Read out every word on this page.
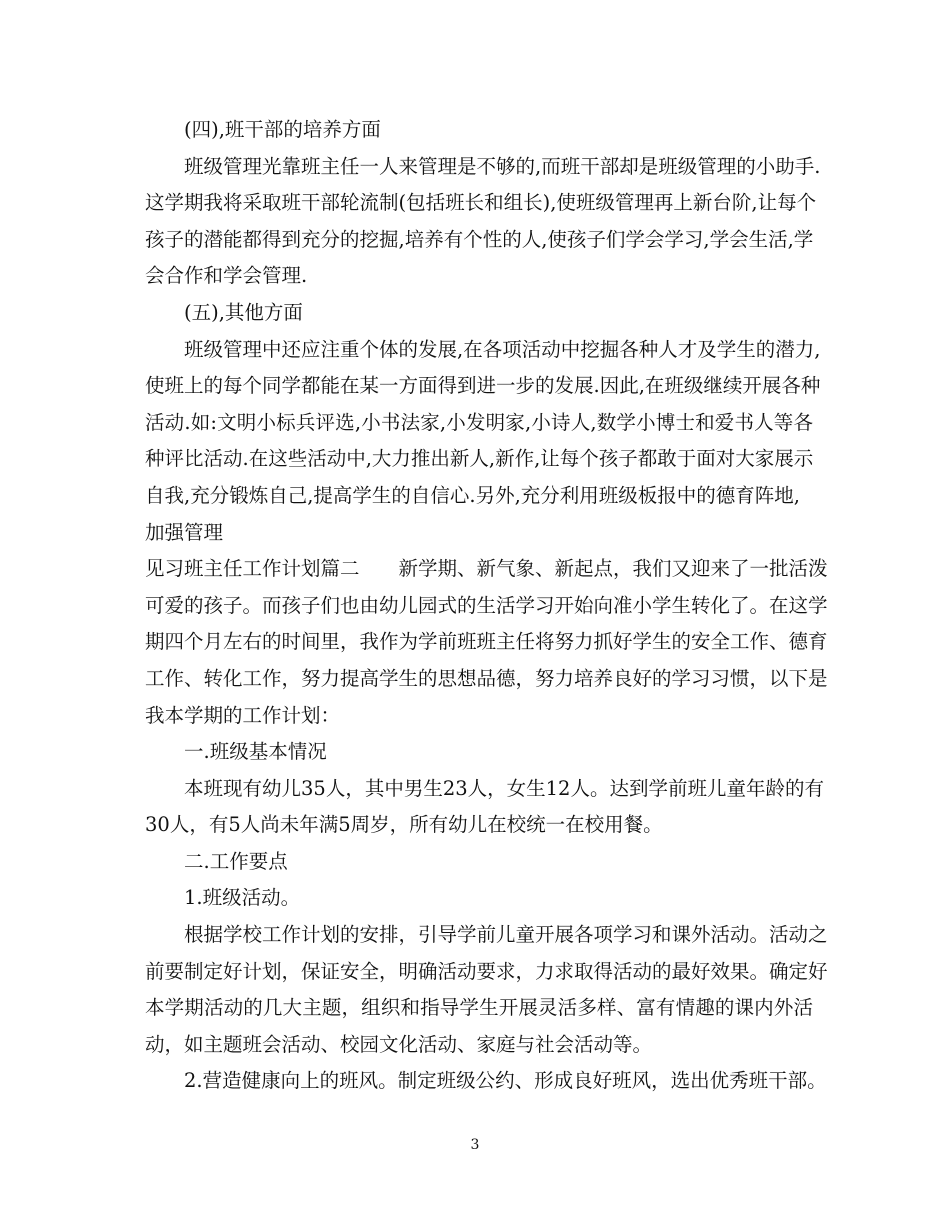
(四),班干部的培养方面
班级管理光靠班主任一人来管理是不够的,而班干部却是班级管理的小助手.
这学期我将采取班干部轮流制(包括班长和组长),使班级管理再上新台阶,让每个
孩子的潜能都得到充分的挖掘,培养有个性的人,使孩子们学会学习,学会生活,学
会合作和学会管理.
(五),其他方面
班级管理中还应注重个体的发展,在各项活动中挖掘各种人才及学生的潜力,
使班上的每个同学都能在某一方面得到进一步的发展.因此,在班级继续开展各种
活动.如:文明小标兵评选,小书法家,小发明家,小诗人,数学小博士和爱书人等各
种评比活动.在这些活动中,大力推出新人,新作,让每个孩子都敢于面对大家展示
自我,充分锻炼自己,提高学生的自信心.另外,充分利用班级板报中的德育阵地,
加强管理
见习班主任工作计划篇二　　新学期、新气象、新起点，我们又迎来了一批活泼
可爱的孩子。而孩子们也由幼儿园式的生活学习开始向准小学生转化了。在这学
期四个月左右的时间里，我作为学前班班主任将努力抓好学生的安全工作、德育
工作、转化工作，努力提高学生的思想品德，努力培养良好的学习习惯，以下是
我本学期的工作计划：
一.班级基本情况
本班现有幼儿35人，其中男生23人，女生12人。达到学前班儿童年龄的有
30人，有5人尚未年满5周岁，所有幼儿在校统一在校用餐。
二.工作要点
1.班级活动。
根据学校工作计划的安排，引导学前儿童开展各项学习和课外活动。活动之
前要制定好计划，保证安全，明确活动要求，力求取得活动的最好效果。确定好
本学期活动的几大主题，组织和指导学生开展灵活多样、富有情趣的课内外活
动，如主题班会活动、校园文化活动、家庭与社会活动等。
2.营造健康向上的班风。制定班级公约、形成良好班风，选出优秀班干部。
3
